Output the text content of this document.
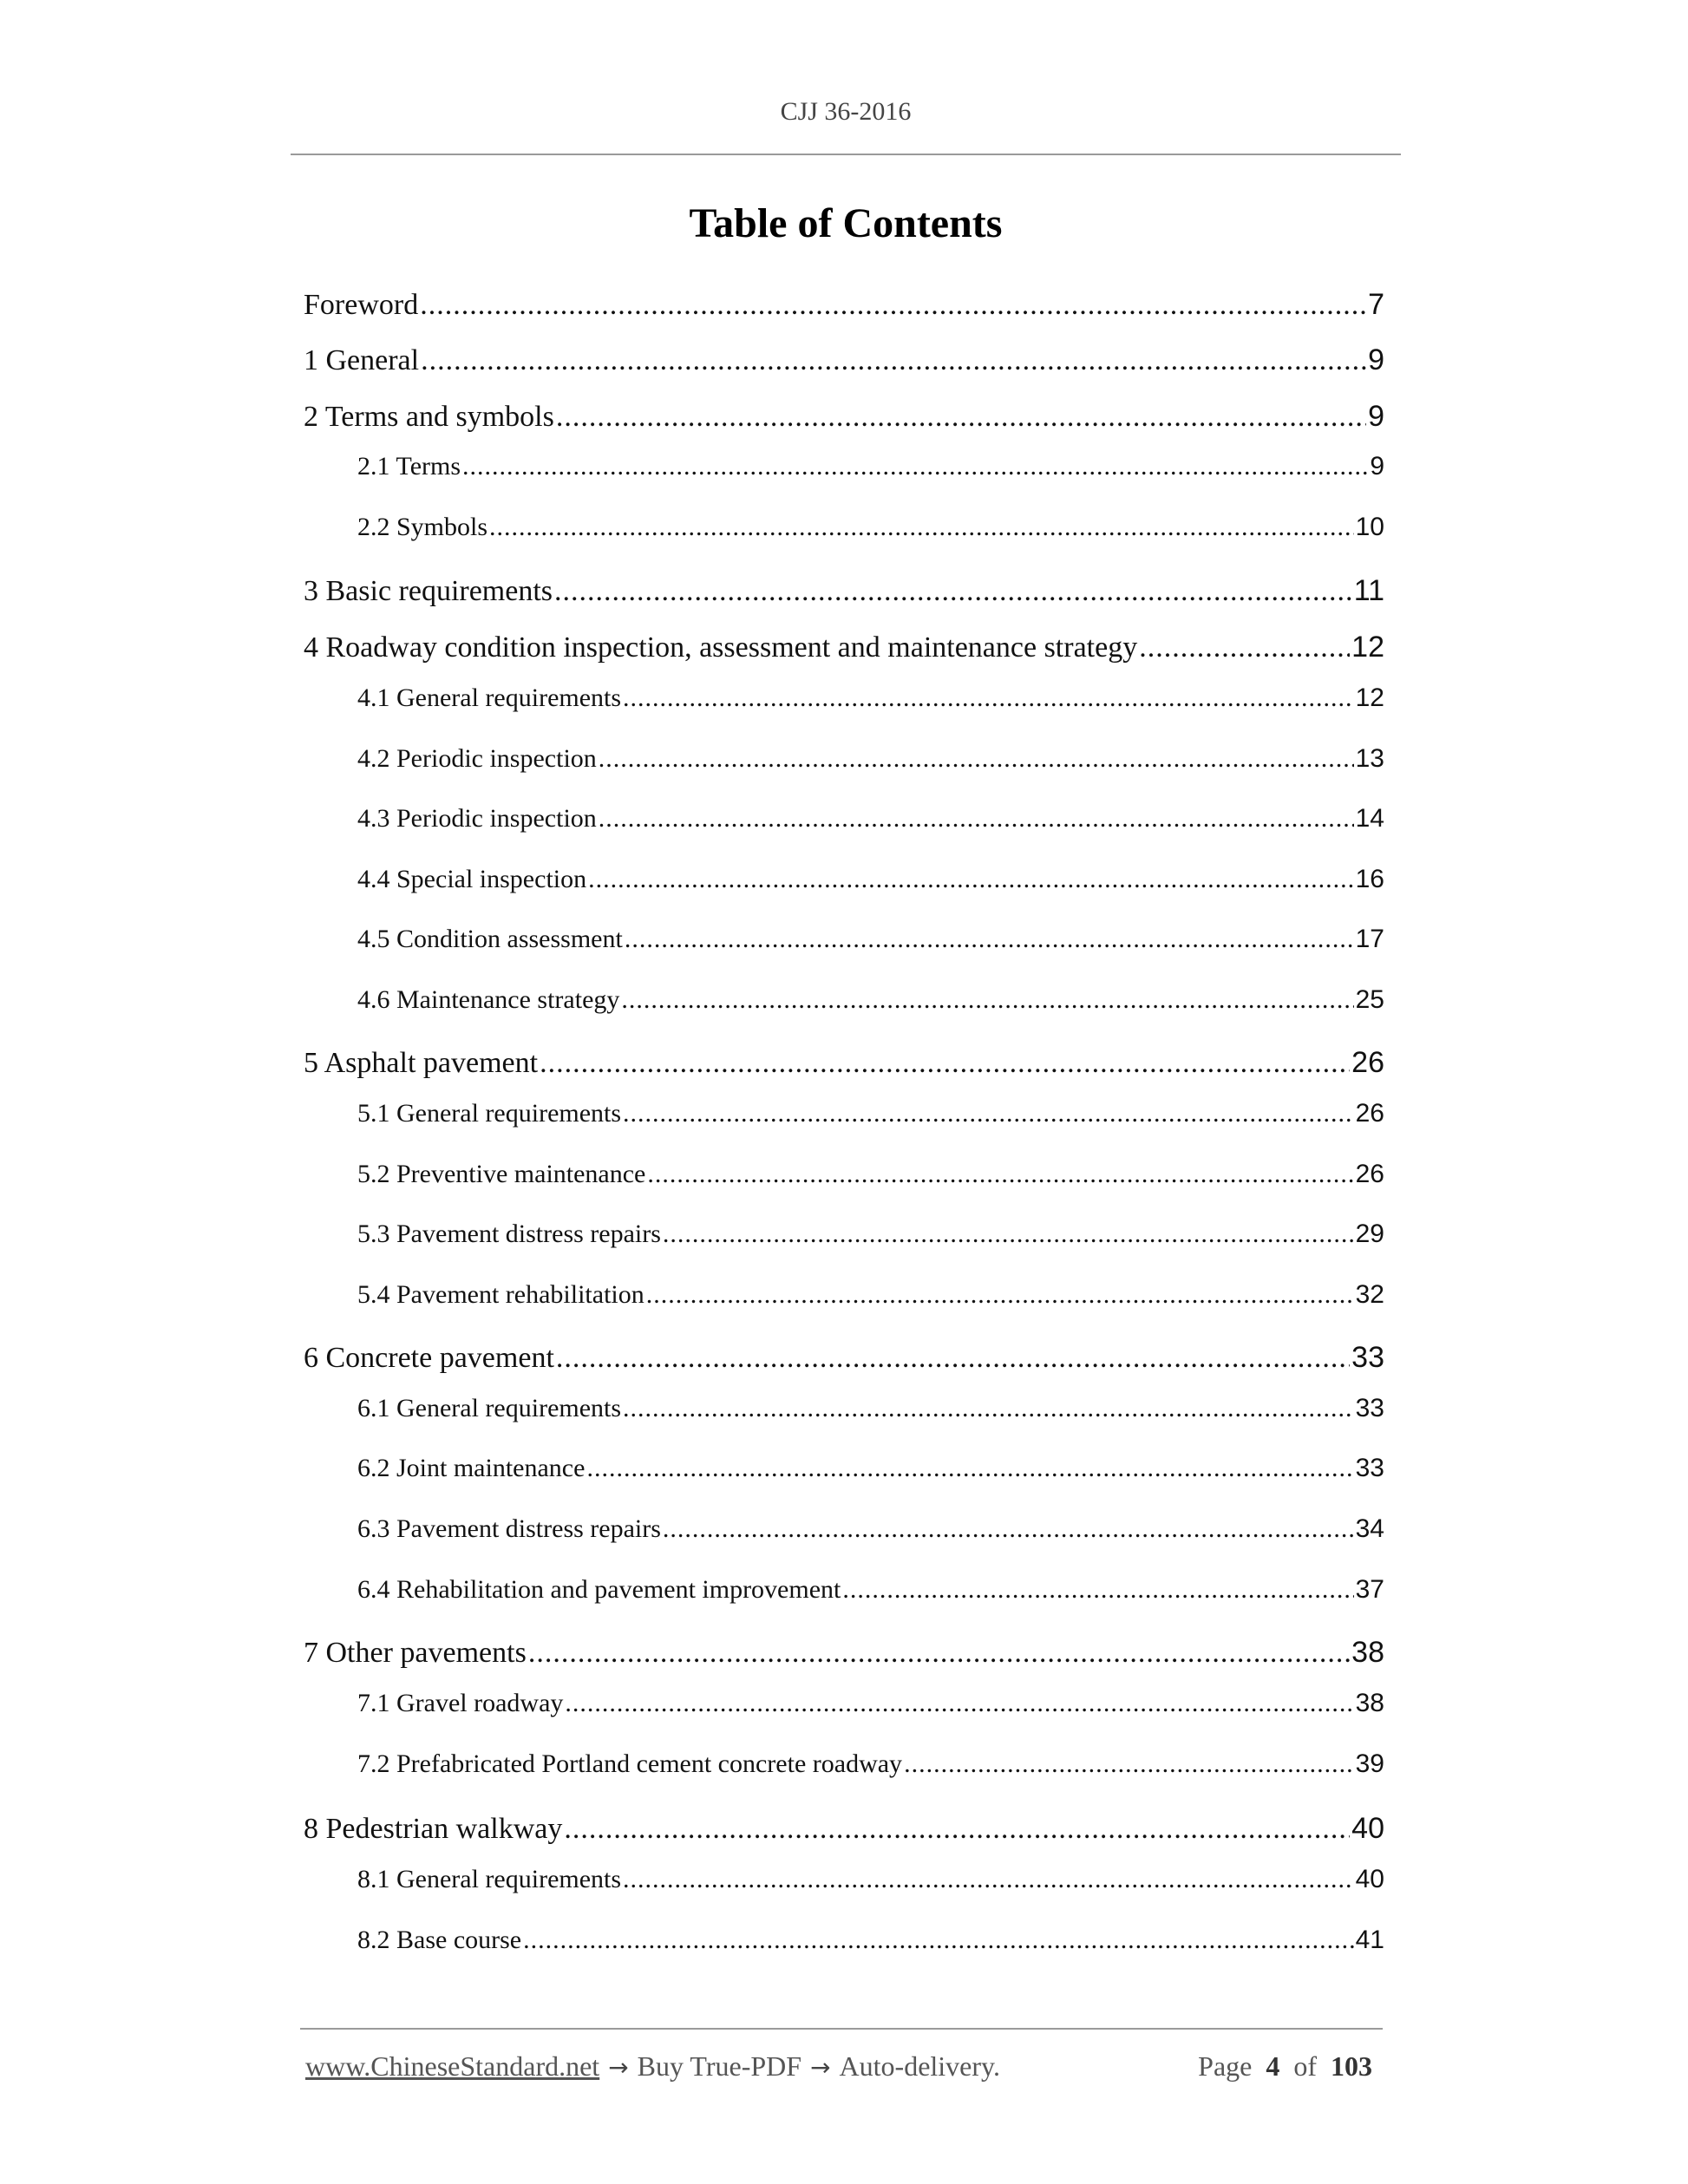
CJJ 36-2016
Table of Contents
Foreword .....	7
1 General .....	9
2 Terms and symbols .....	9
2.1 Terms .....	9
2.2 Symbols .....	10
3 Basic requirements .....	11
4 Roadway condition inspection, assessment and maintenance strategy .....	12
4.1 General requirements .....	12
4.2 Periodic inspection .....	13
4.3 Periodic inspection .....	14
4.4 Special inspection .....	16
4.5 Condition assessment .....	17
4.6 Maintenance strategy .....	25
5 Asphalt pavement .....	26
5.1 General requirements .....	26
5.2 Preventive maintenance .....	26
5.3 Pavement distress repairs .....	29
5.4 Pavement rehabilitation .....	32
6 Concrete pavement .....	33
6.1 General requirements .....	33
6.2 Joint maintenance .....	33
6.3 Pavement distress repairs .....	34
6.4 Rehabilitation and pavement improvement .....	37
7 Other pavements .....	38
7.1 Gravel roadway .....	38
7.2 Prefabricated Portland cement concrete roadway .....	39
8 Pedestrian walkway .....	40
8.1 General requirements .....	40
8.2 Base course .....	41
www.ChineseStandard.net → Buy True-PDF → Auto-delivery.	Page 4 of 103
